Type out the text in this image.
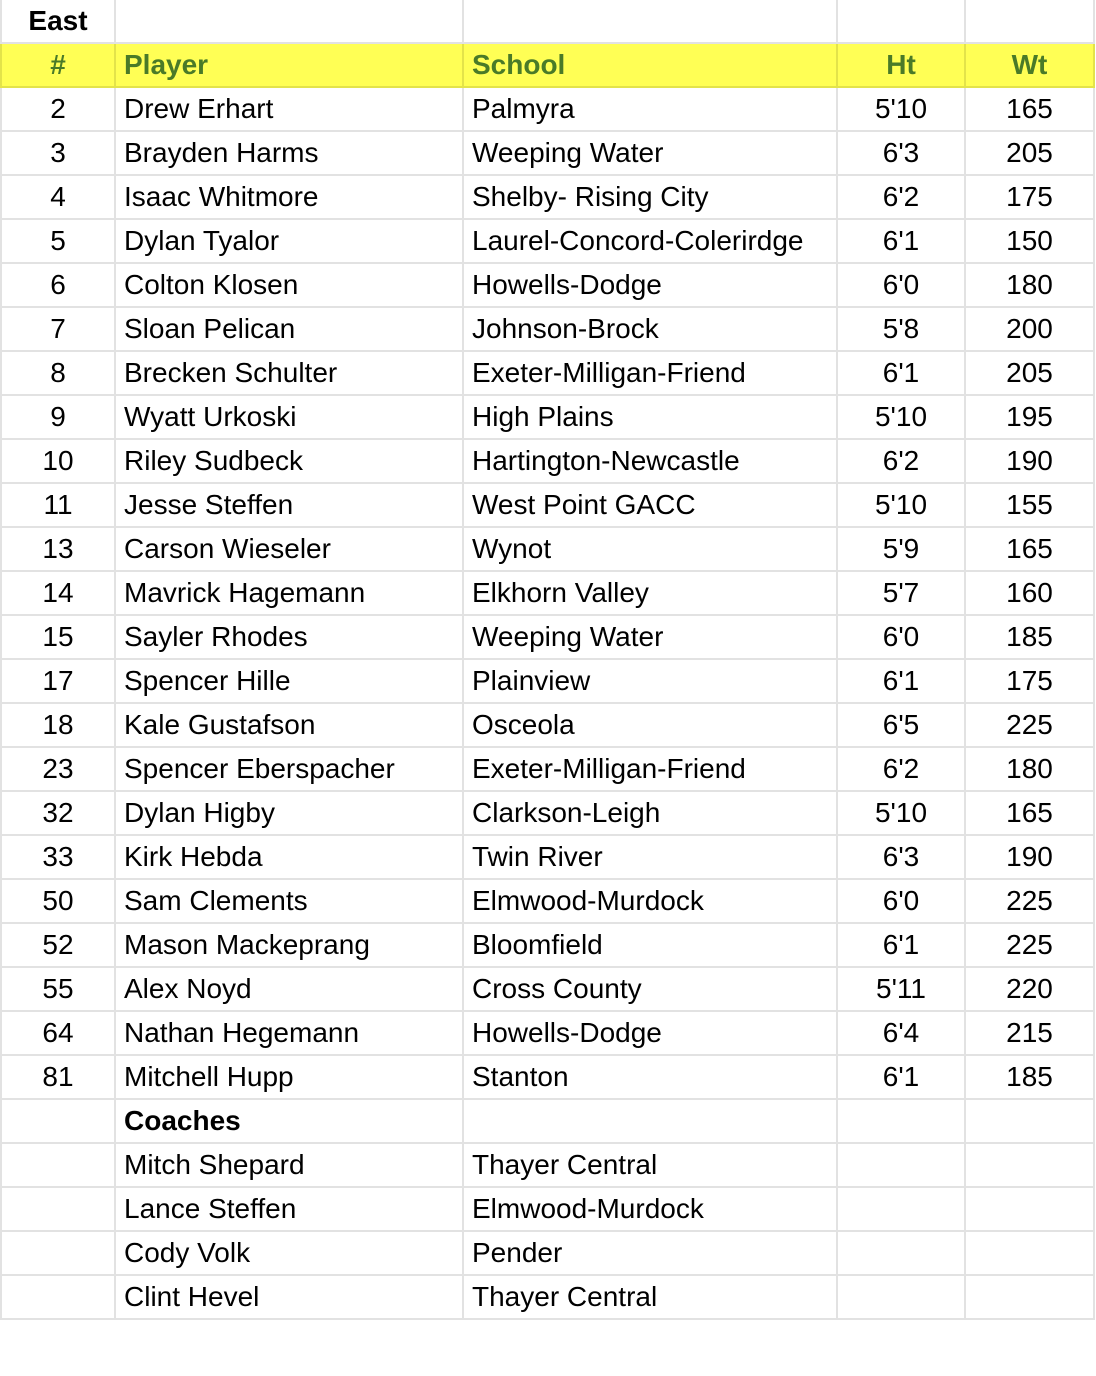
East				
#	Player	School	Ht	Wt
2	Drew Erhart	Palmyra	5'10	165
3	Brayden Harms	Weeping Water	6'3	205
4	Isaac Whitmore	Shelby- Rising City	6'2	175
5	Dylan Tyalor	Laurel-Concord-Colerirdge	6'1	150
6	Colton Klosen	Howells-Dodge	6'0	180
7	Sloan Pelican	Johnson-Brock	5'8	200
8	Brecken Schulter	Exeter-Milligan-Friend	6'1	205
9	Wyatt Urkoski	High Plains	5'10	195
10	Riley Sudbeck	Hartington-Newcastle	6'2	190
11	Jesse Steffen	West Point GACC	5'10	155
13	Carson Wieseler	Wynot	5'9	165
14	Mavrick Hagemann	Elkhorn Valley	5'7	160
15	Sayler Rhodes	Weeping Water	6'0	185
17	Spencer Hille	Plainview	6'1	175
18	Kale Gustafson	Osceola	6'5	225
23	Spencer Eberspacher	Exeter-Milligan-Friend	6'2	180
32	Dylan Higby	Clarkson-Leigh	5'10	165
33	Kirk Hebda	Twin River	6'3	190
50	Sam Clements	Elmwood-Murdock	6'0	225
52	Mason Mackeprang	Bloomfield	6'1	225
55	Alex Noyd	Cross County	5'11	220
64	Nathan Hegemann	Howells-Dodge	6'4	215
81	Mitchell Hupp	Stanton	6'1	185
	Coaches			
	Mitch Shepard	Thayer Central		
	Lance Steffen	Elmwood-Murdock		
	Cody Volk	Pender		
	Clint Hevel	Thayer Central		
